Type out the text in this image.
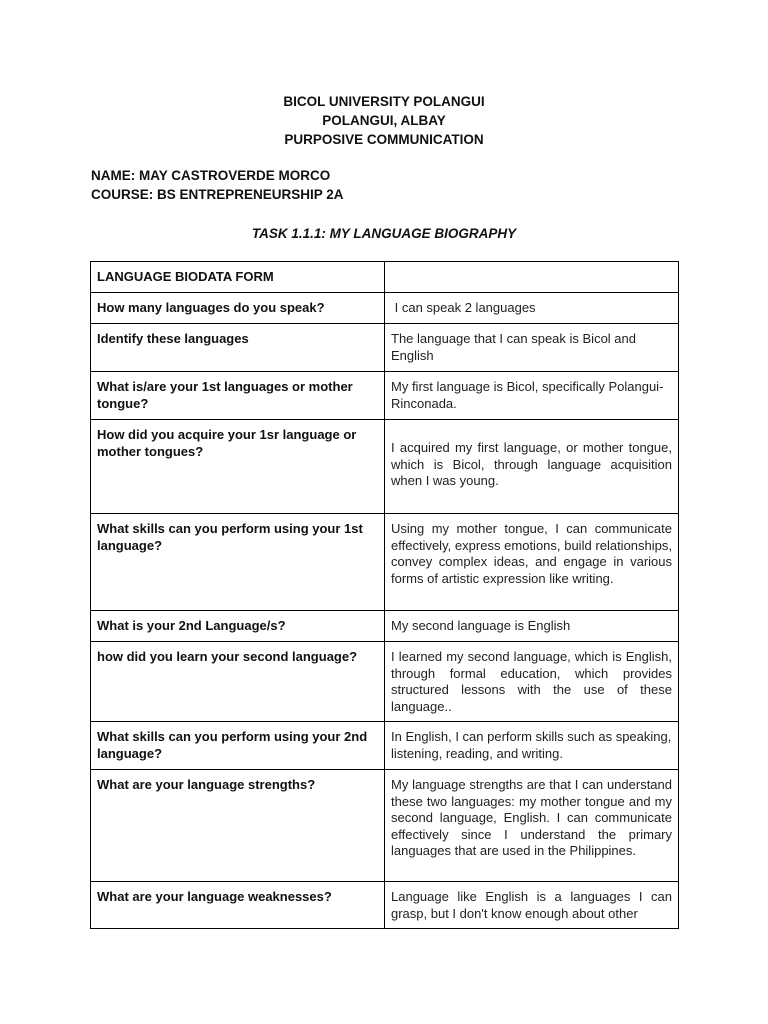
BICOL UNIVERSITY POLANGUI
POLANGUI, ALBAY
PURPOSIVE COMMUNICATION
NAME: MAY CASTROVERDE MORCO
COURSE: BS ENTREPRENEURSHIP 2A
TASK 1.1.1: MY LANGUAGE BIOGRAPHY
LANGUAGE BIODATA FORM	
How many languages do you speak?	I can speak 2 languages
Identify these languages	The language that I can speak is Bicol and English
What is/are your 1st languages or mother tongue?	My first language is Bicol, specifically Polangui-Rinconada.
How did you acquire your 1sr language or mother tongues?	I acquired my first language, or mother tongue, which is Bicol, through language acquisition when I was young.
What skills can you perform using your 1st language?	Using my mother tongue, I can communicate effectively, express emotions, build relationships, convey complex ideas, and engage in various forms of artistic expression like writing.
What is your 2nd Language/s?	My second language is English
how did you learn your second language?	I learned my second language, which is English, through formal education, which provides structured lessons with the use of these language..
What skills can you perform using your 2nd language?	In English, I can perform skills such as speaking, listening, reading, and writing.
What are your language strengths?	My language strengths are that I can understand these two languages: my mother tongue and my second language, English. I can communicate effectively since I understand the primary languages that are used in the Philippines.
What are your language weaknesses?	Language like English is a languages I can grasp, but I don't know enough about other
